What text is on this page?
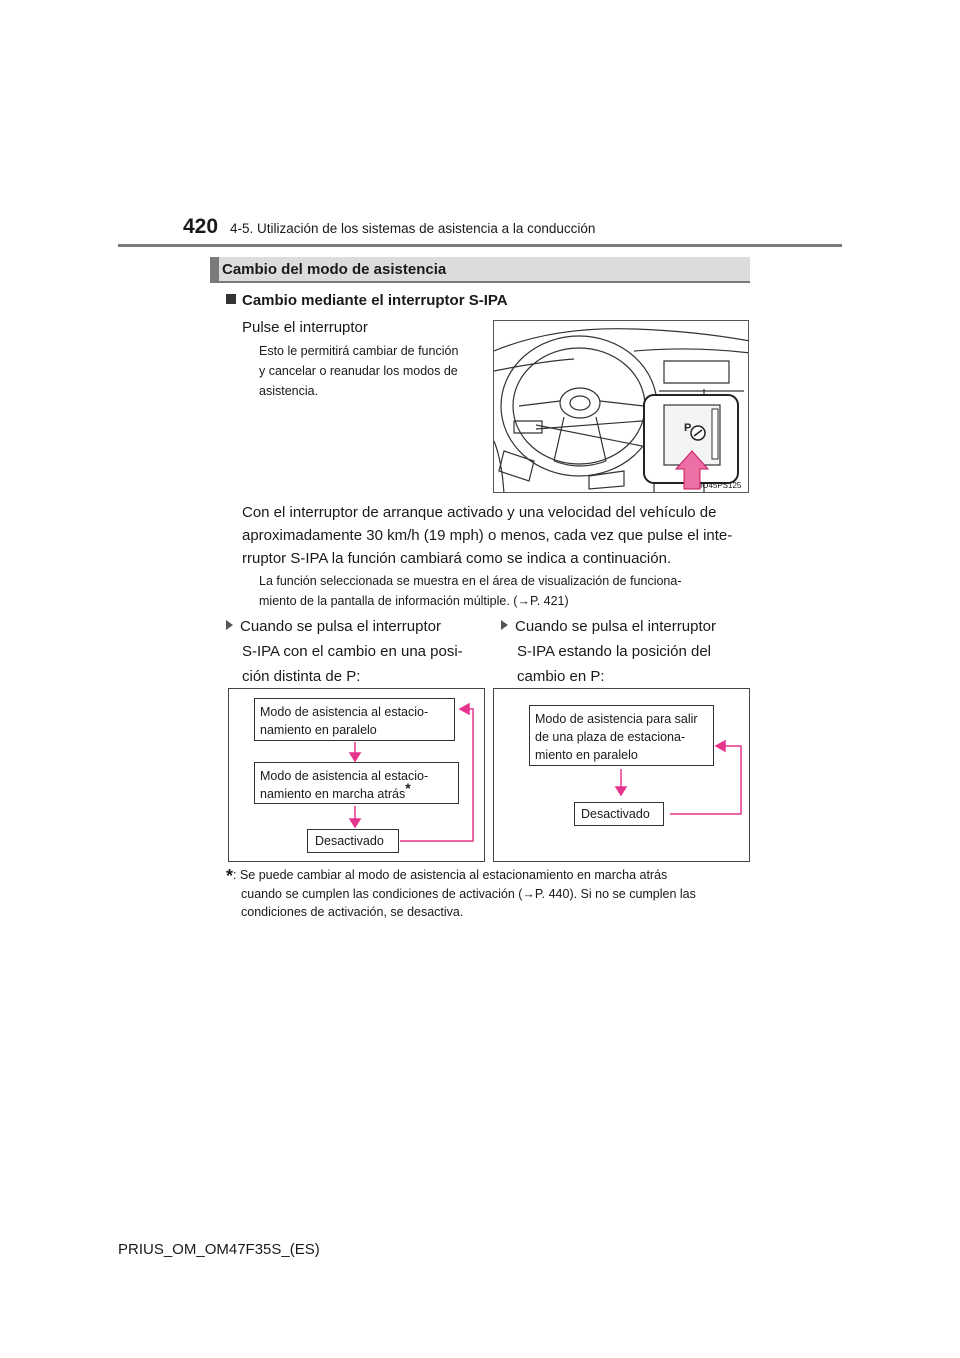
420 4-5. Utilización de los sistemas de asistencia a la conducción
Cambio del modo de asistencia
Cambio mediante el interruptor S-IPA
Pulse el interruptor
Esto le permitirá cambiar de función
y cancelar o reanudar los modos de
asistencia.
P
IO45PS125
Con el interruptor de arranque activado y una velocidad del vehículo de
aproximadamente 30 km/h (19 mph) o menos, cada vez que pulse el inte-
rruptor S-IPA la función cambiará como se indica a continuación.
La función seleccionada se muestra en el área de visualización de funciona-
miento de la pantalla de información múltiple. (→P. 421)
Cuando se pulsa el interruptor
S-IPA con el cambio en una posi-
ción distinta de P:
Cuando se pulsa el interruptor
S-IPA estando la posición del
cambio en P:
Modo de asistencia al estacio-
namiento en paralelo
Modo de asistencia al estacio-
namiento en marcha atrás*
Desactivado
Modo de asistencia para salir
de una plaza de estaciona-
miento en paralelo
Desactivado
*: Se puede cambiar al modo de asistencia al estacionamiento en marcha atrás
cuando se cumplen las condiciones de activación (→P. 440). Si no se cumplen las
condiciones de activación, se desactiva.
PRIUS_OM_OM47F35S_(ES)
